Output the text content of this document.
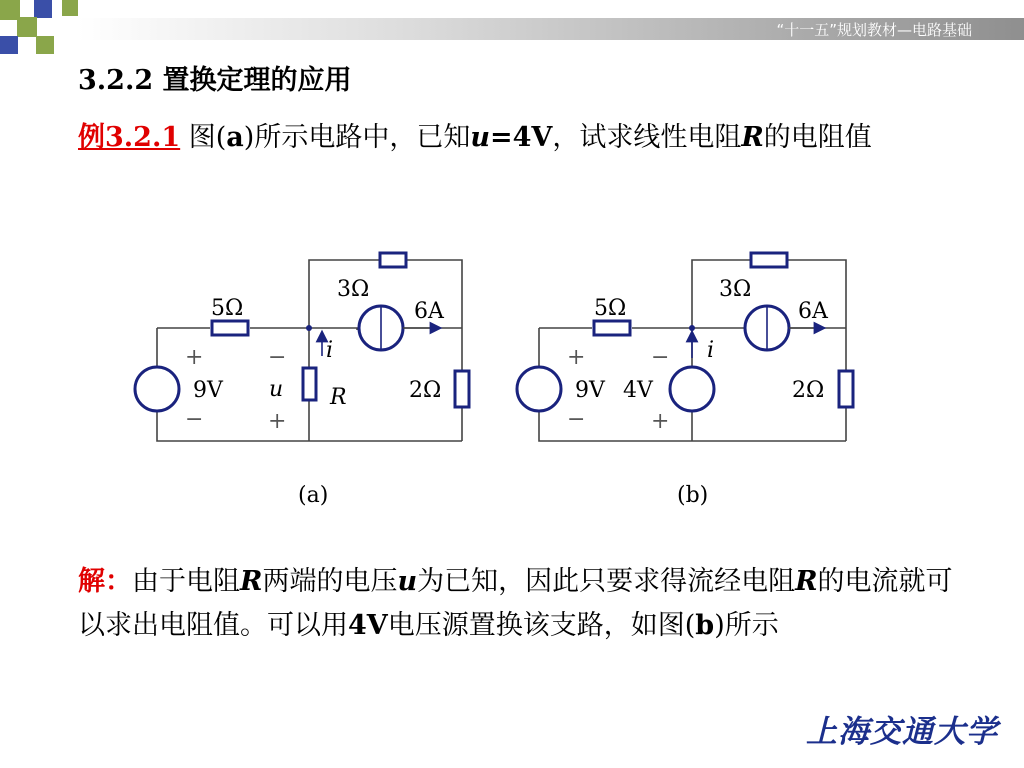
“十一五”规划教材—电路基础
3.2.2 置换定理的应用
例3.2.1 图(a)所示电路中，已知u=4V，试求线性电阻R的电阻值
5Ω
3Ω
6A
9V	2Ω
i
u R
+
−
−
+
(a)
5Ω
3Ω
6A
9V 4V	2Ω
i
+
−
−
+
(b)
解：由于电阻R两端的电压u为已知，因此只要求得流经电阻R的电流就可以求出电阻值。可以用4V电压源置换该支路，如图(b)所示
上海交通大学
